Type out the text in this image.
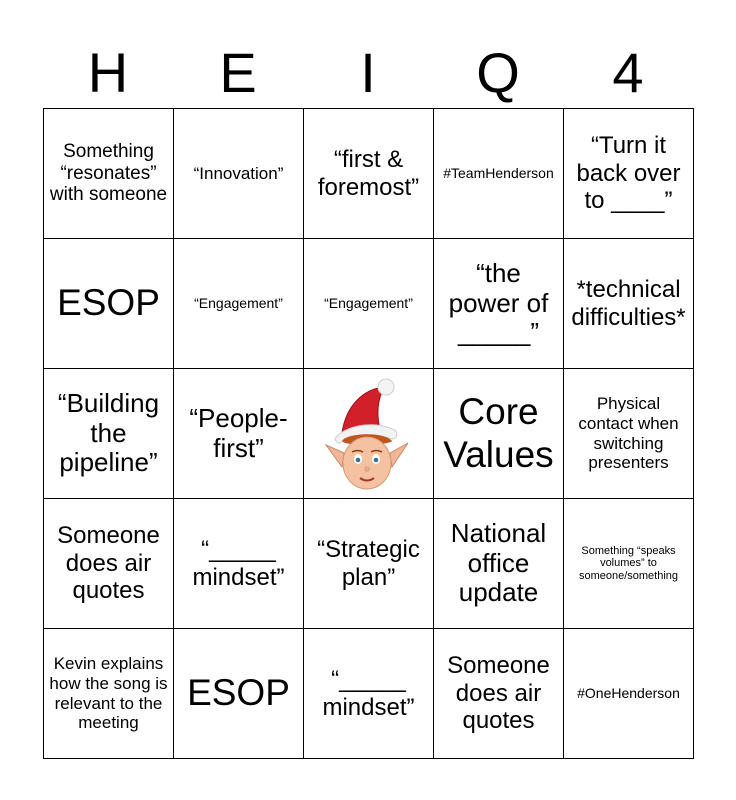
H	E	I	Q	4
Something “resonates” with someone	“Innovation”	“first & foremost”	#TeamHenderson	“Turn it back over to ____”
ESOP	“Engagement”	“Engagement”	“the power of _____”	*technical difficulties*
“Building the pipeline”	“People-first”		Core Values	Physical contact when switching presenters
Someone does air quotes	“_____ mindset”	“Strategic plan”	National office update	Something “speaks volumes” to someone/something
Kevin explains how the song is relevant to the meeting	ESOP	“_____ mindset”	Someone does air quotes	#OneHenderson
